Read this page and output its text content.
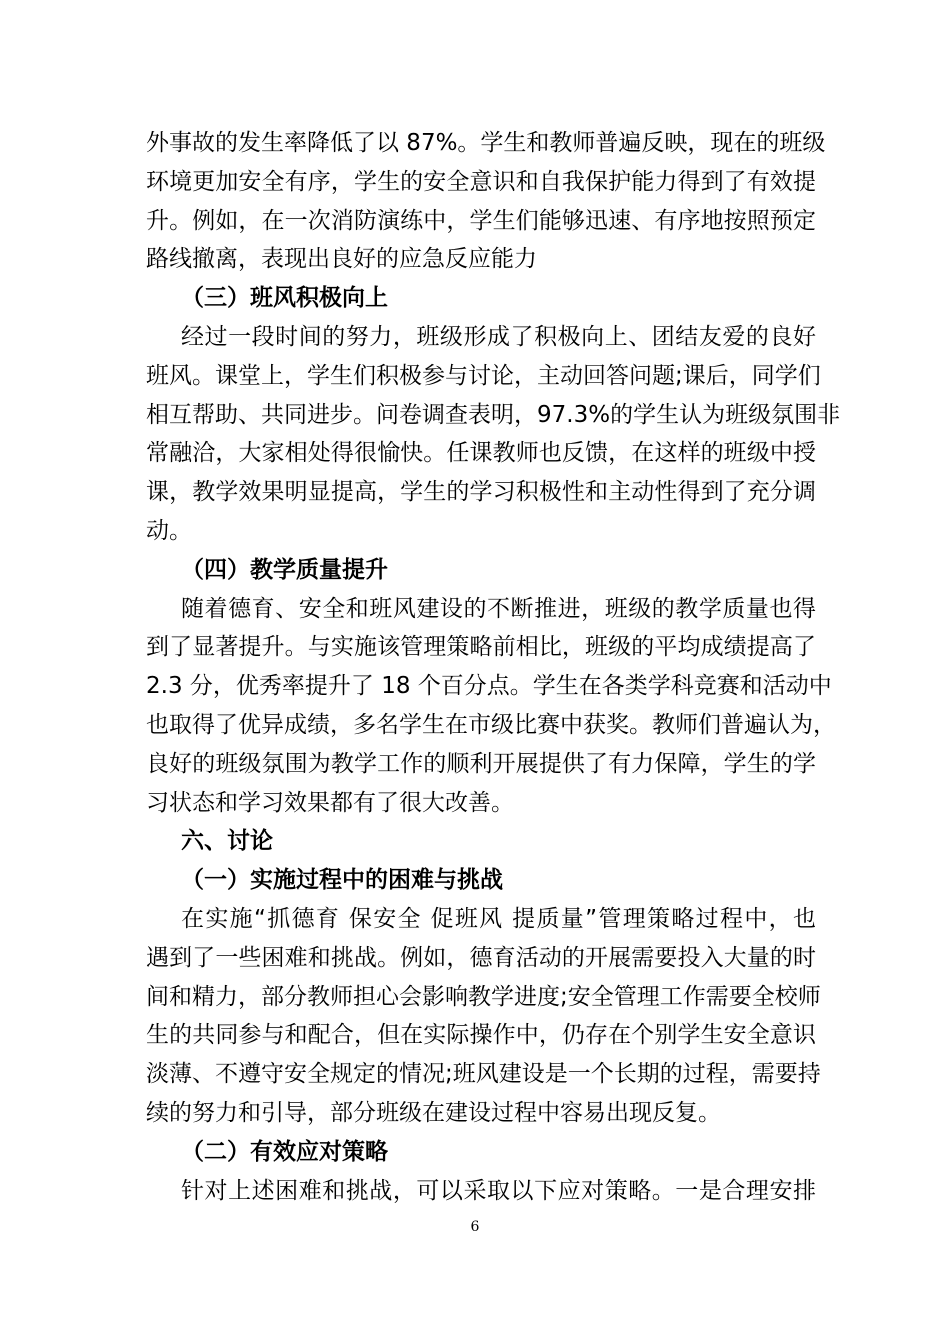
外事故的发生率降低了以 87%。学生和教师普遍反映，现在的班级
环境更加安全有序，学生的安全意识和自我保护能力得到了有效提
升。例如，在一次消防演练中，学生们能够迅速、有序地按照预定
路线撤离，表现出良好的应急反应能力
（三）班风积极向上
经过一段时间的努力，班级形成了积极向上、团结友爱的良好
班风。课堂上，学生们积极参与讨论，主动回答问题;课后，同学们
相互帮助、共同进步。问卷调查表明，97.3%的学生认为班级氛围非
常融洽，大家相处得很愉快。任课教师也反馈，在这样的班级中授
课，教学效果明显提高，学生的学习积极性和主动性得到了充分调
动。
（四）教学质量提升
随着德育、安全和班风建设的不断推进，班级的教学质量也得
到了显著提升。与实施该管理策略前相比，班级的平均成绩提高了
2.3 分，优秀率提升了 18 个百分点。学生在各类学科竞赛和活动中
也取得了优异成绩，多名学生在市级比赛中获奖。教师们普遍认为，
良好的班级氛围为教学工作的顺利开展提供了有力保障，学生的学
习状态和学习效果都有了很大改善。
六、讨论
（一）实施过程中的困难与挑战
在实施“抓德育 保安全 促班风 提质量”管理策略过程中，也
遇到了一些困难和挑战。例如，德育活动的开展需要投入大量的时
间和精力，部分教师担心会影响教学进度;安全管理工作需要全校师
生的共同参与和配合，但在实际操作中，仍存在个别学生安全意识
淡薄、不遵守安全规定的情况;班风建设是一个长期的过程，需要持
续的努力和引导，部分班级在建设过程中容易出现反复。
（二）有效应对策略
针对上述困难和挑战，可以采取以下应对策略。一是合理安排
6
